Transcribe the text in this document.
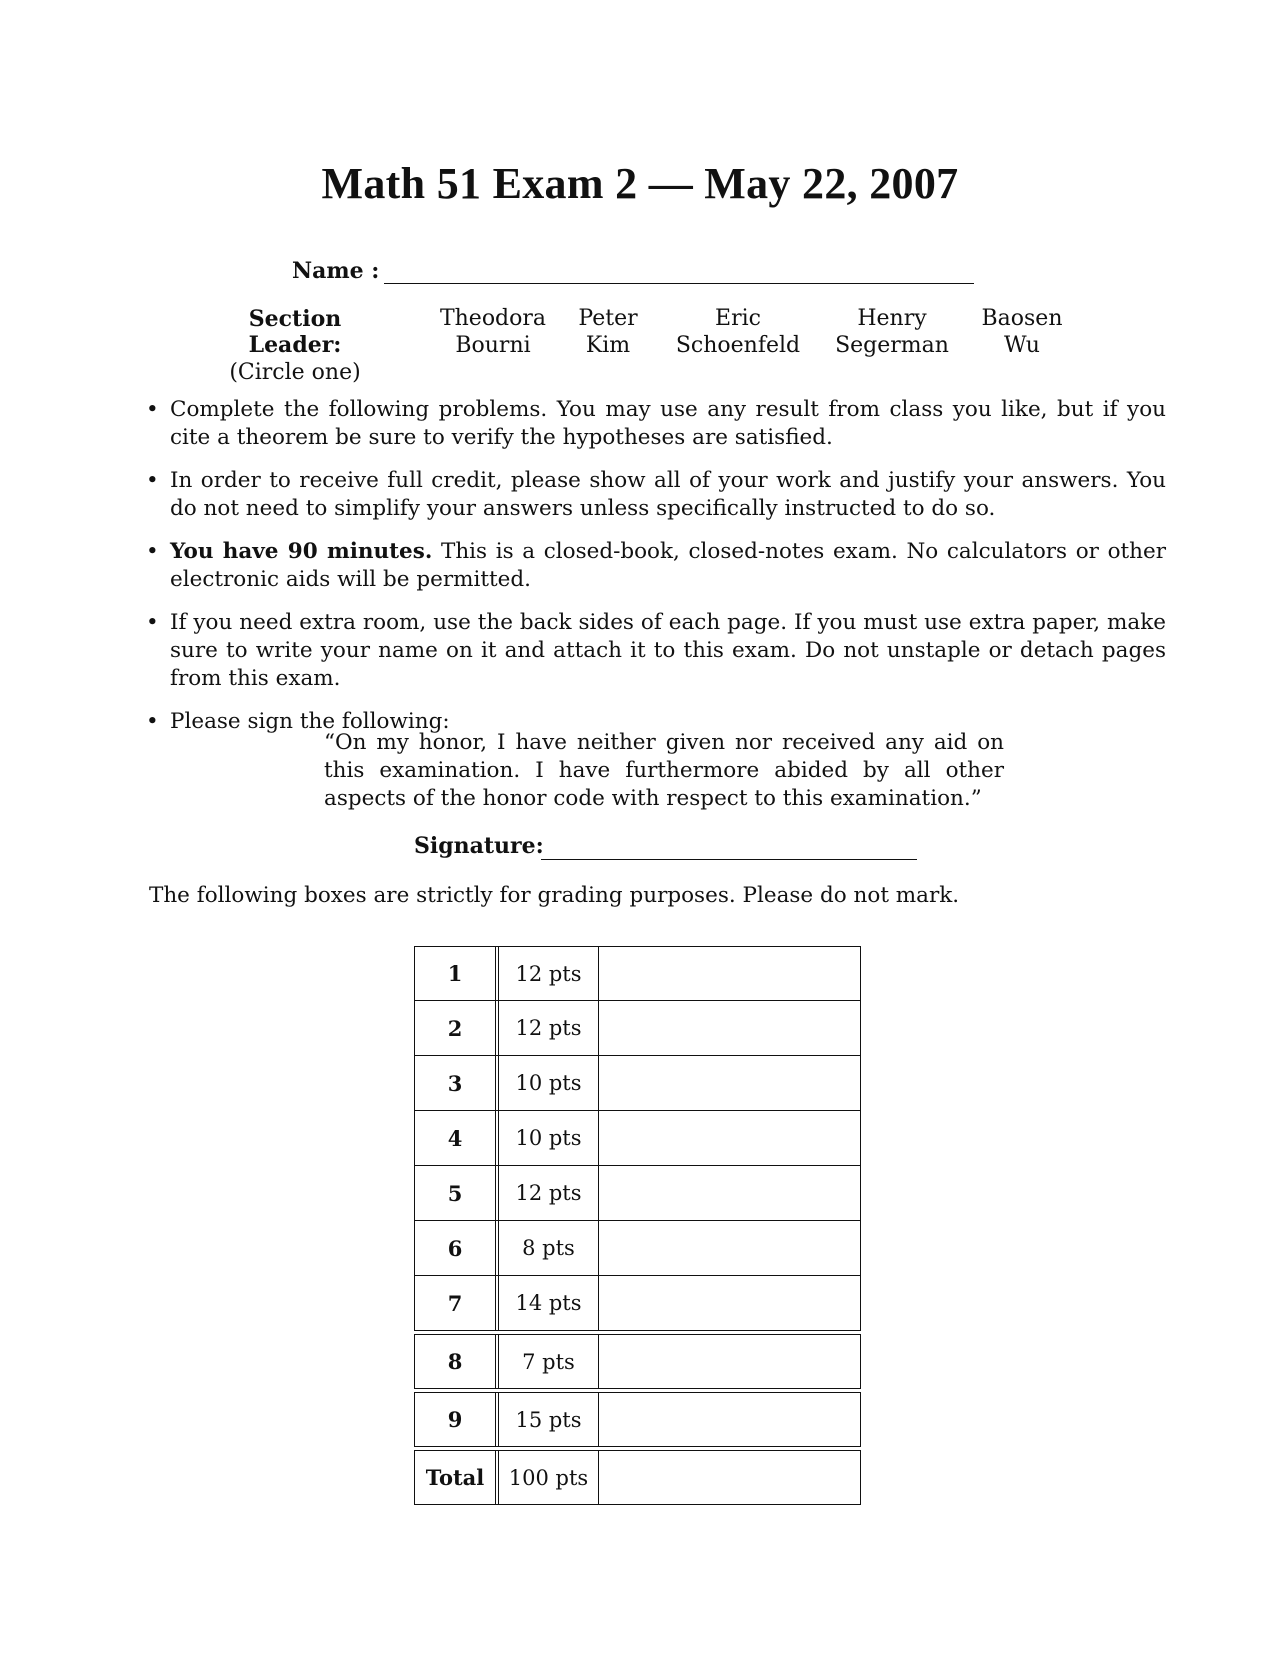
Math 51 Exam 2 — May 22, 2007
Name :
Section Leader:
(Circle one)
Theodora
Bourni
Peter
Kim
Eric
Schoenfeld
Henry
Segerman
Baosen
Wu
• Complete the following problems. You may use any result from class you like, but if you cite a theorem be sure to verify the hypotheses are satisfied.
• In order to receive full credit, please show all of your work and justify your answers. You do not need to simplify your answers unless specifically instructed to do so.
• You have 90 minutes. This is a closed-book, closed-notes exam. No calculators or other electronic aids will be permitted.
• If you need extra room, use the back sides of each page. If you must use extra paper, make sure to write your name on it and attach it to this exam. Do not unstaple or detach pages from this exam.
• Please sign the following:
“On my honor, I have neither given nor received any aid on this examination. I have furthermore abided by all other aspects of the honor code with respect to this examination.”
Signature:
The following boxes are strictly for grading purposes. Please do not mark.
1	12 pts
2	12 pts
3	10 pts
4	10 pts
5	12 pts
6	8 pts
7	14 pts
8	7 pts
9	15 pts
Total	100 pts
